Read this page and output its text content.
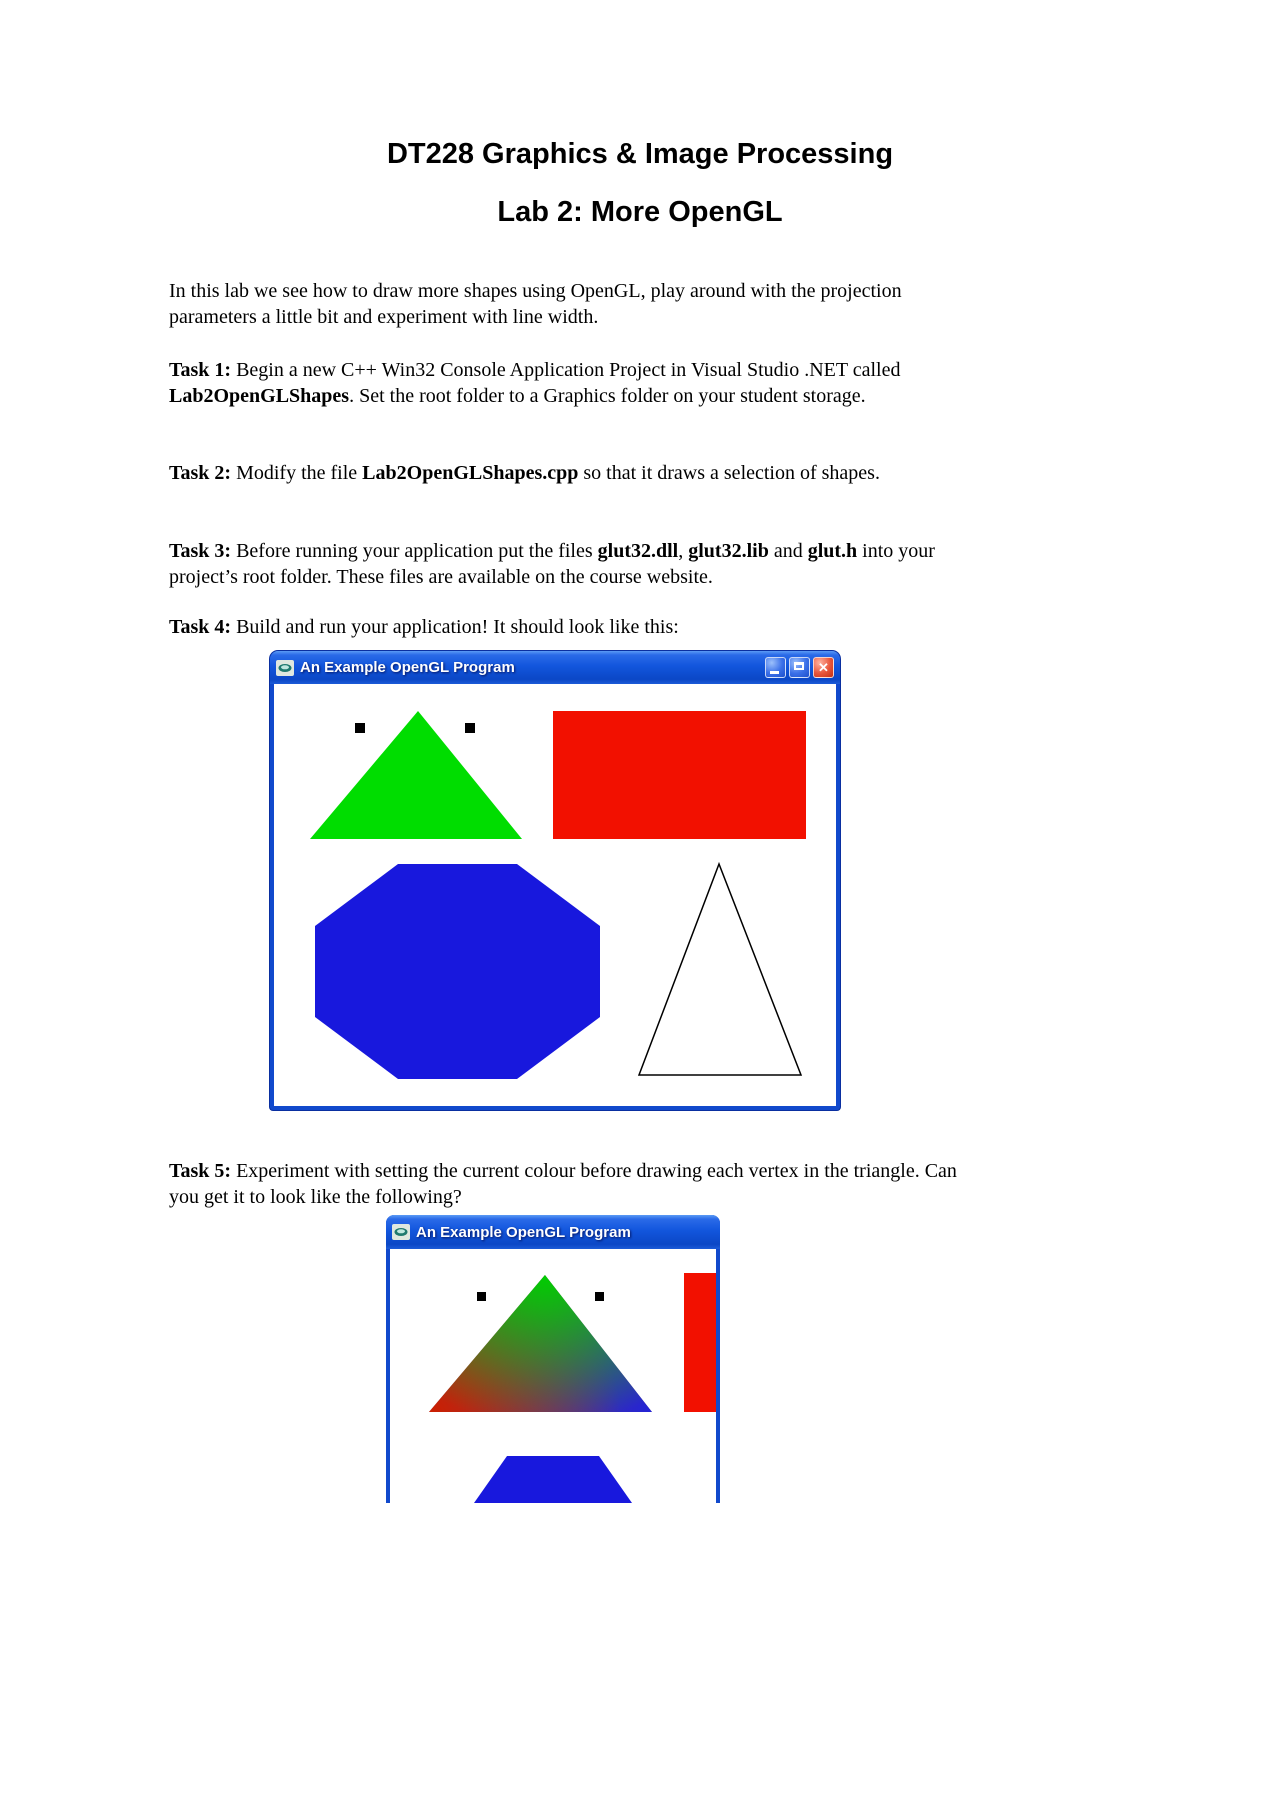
DT228 Graphics & Image Processing
Lab 2: More OpenGL

In this lab we see how to draw more shapes using OpenGL, play around with the projection parameters a little bit and experiment with line width.

Task 1: Begin a new C++ Win32 Console Application Project in Visual Studio .NET called Lab2OpenGLShapes. Set the root folder to a Graphics folder on your student storage.

Task 2: Modify the file Lab2OpenGLShapes.cpp so that it draws a selection of shapes.

Task 3: Before running your application put the files glut32.dll, glut32.lib and glut.h into your project’s root folder. These files are available on the course website.

Task 4: Build and run your application! It should look like this:

An Example OpenGL Program
✕

Task 5: Experiment with setting the current colour before drawing each vertex in the triangle. Can you get it to look like the following?

An Example OpenGL Program
